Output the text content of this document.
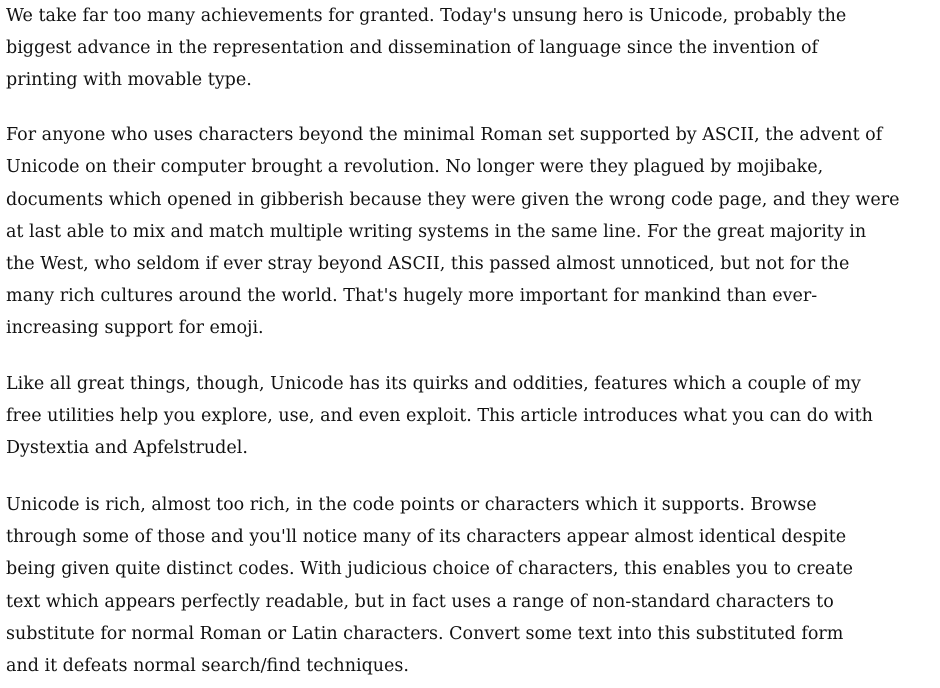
We take far too many achievements for granted. Today's unsung hero is Unicode, probably the
biggest advance in the representation and dissemination of language since the invention of
printing with movable type.
For anyone who uses characters beyond the minimal Roman set supported by ASCII, the advent of
Unicode on their computer brought a revolution. No longer were they plagued by mojibake,
documents which opened in gibberish because they were given the wrong code page, and they were
at last able to mix and match multiple writing systems in the same line. For the great majority in
the West, who seldom if ever stray beyond ASCII, this passed almost unnoticed, but not for the
many rich cultures around the world. That's hugely more important for mankind than ever-
increasing support for emoji.
Like all great things, though, Unicode has its quirks and oddities, features which a couple of my
free utilities help you explore, use, and even exploit. This article introduces what you can do with
Dystextia and Apfelstrudel.
Unicode is rich, almost too rich, in the code points or characters which it supports. Browse
through some of those and you'll notice many of its characters appear almost identical despite
being given quite distinct codes. With judicious choice of characters, this enables you to create
text which appears perfectly readable, but in fact uses a range of non-standard characters to
substitute for normal Roman or Latin characters. Convert some text into this substituted form
and it defeats normal search/find techniques.
